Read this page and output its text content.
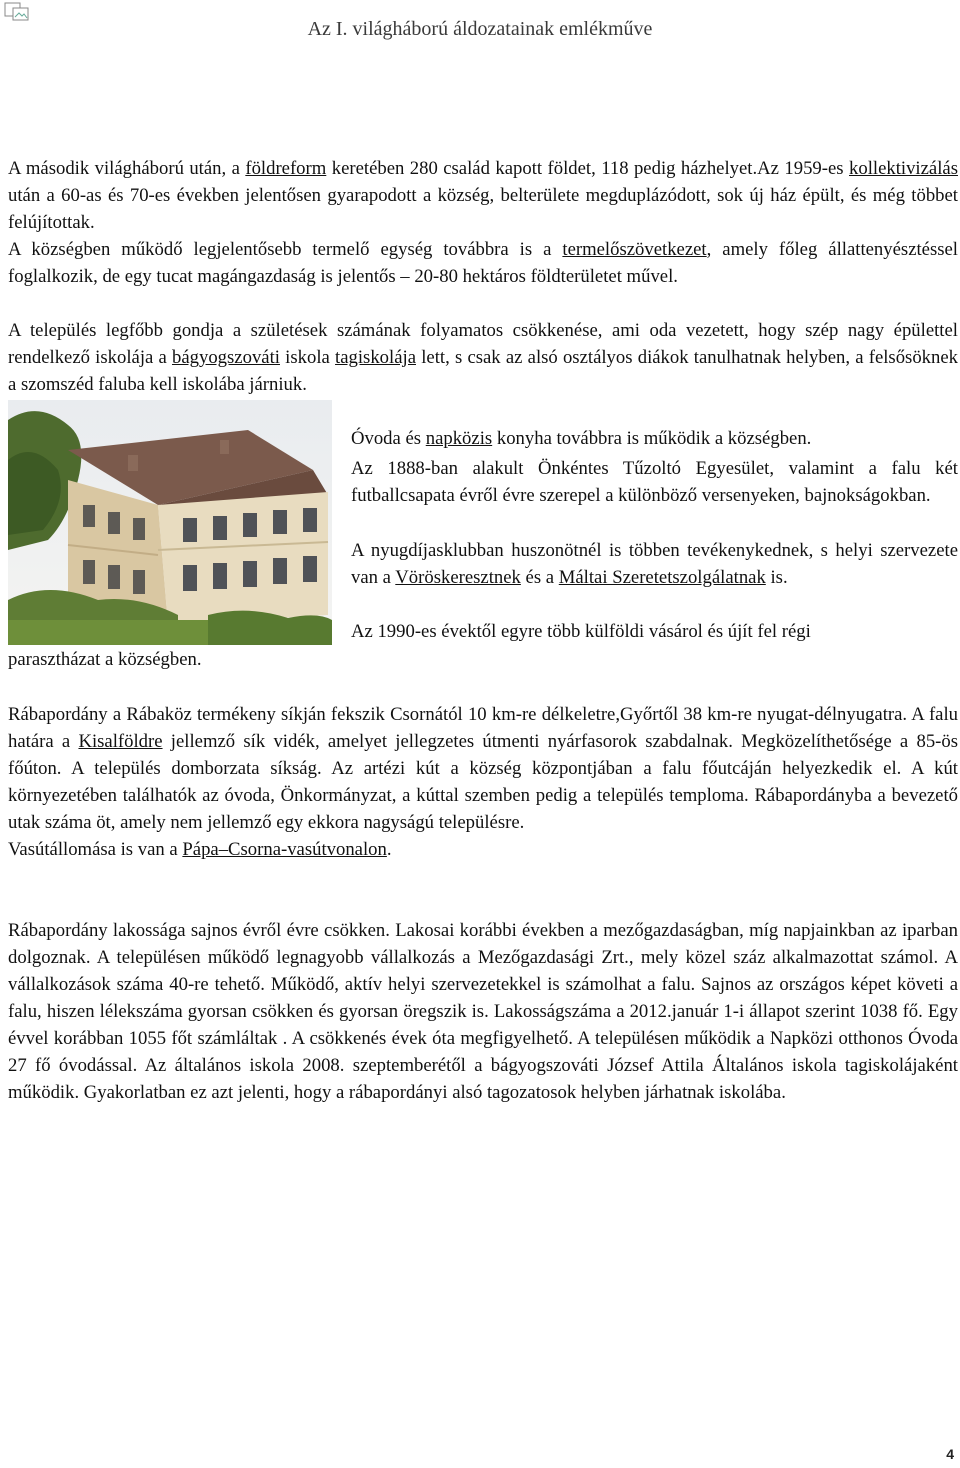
Az I. világháború áldozatainak emlékműve

A második világháború után, a földreform keretében 280 család kapott földet, 118 pedig házhelyet.Az 1959-es kollektivizálás után a 60-as és 70-es években jelentősen gyarapodott a község, belterülete megduplázódott, sok új ház épült, és még többet felújítottak.

A községben működő legjelentősebb termelő egység továbbra is a termelőszövetkezet, amely főleg állattenyésztéssel foglalkozik, de egy tucat magángazdaság is jelentős – 20-80 hektáros földterületet művel.

A település legfőbb gondja a születések számának folyamatos csökkenése, ami oda vezetett, hogy szép nagy épülettel rendelkező iskolája a bágyogszováti iskola tagiskolája lett, s csak az alsó osztályos diákok tanulhatnak helyben, a felsősöknek a szomszéd faluba kell iskolába járniuk.

Óvoda és napközis konyha továbbra is működik a községben.
Az 1888-ban alakult Önkéntes Tűzoltó Egyesület, valamint a falu két futballcsapata évről évre szerepel a különböző versenyeken, bajnokságokban.
A nyugdíjasklubban huszonötnél is többen tevékenykednek, s helyi szervezete van a Vöröskeresztnek és a Máltai Szeretetszolgálatnak is.
Az 1990-es évektől egyre több külföldi vásárol és újít fel régi
parasztházat a községben.

Rábapordány a Rábaköz termékeny síkján fekszik Csornától 10 km-re délkeletre,Győrtől 38 km-re nyugat-délnyugatra. A falu határa a Kisalföldre jellemző sík vidék, amelyet jellegzetes útmenti nyárfasorok szabdalnak. Megközelíthetősége a 85-ös főúton. A település domborzata síkság. Az artézi kút a község központjában a falu főutcáján helyezkedik el. A kút környezetében találhatók az óvoda, Önkormányzat, a kúttal szemben pedig a település temploma. Rábapordányba a bevezető utak száma öt, amely nem jellemző egy ekkora nagyságú településre.
Vasútállomása is van a Pápa–Csorna-vasútvonalon.

Rábapordány lakossága sajnos évről évre csökken. Lakosai korábbi években a mezőgazdaságban, míg napjainkban az iparban dolgoznak. A településen működő legnagyobb vállalkozás a Mezőgazdasági Zrt., mely közel száz alkalmazottat számol. A vállalkozások száma 40-re tehető. Működő, aktív helyi szervezetekkel is számolhat a falu. Sajnos az országos képet követi a falu, hiszen lélekszáma gyorsan csökken és gyorsan öregszik is. Lakosságszáma a 2012.január 1-i állapot szerint 1038 fő. Egy évvel korábban 1055 főt számláltak . A csökkenés évek óta megfigyelhető. A településen működik a Napközi otthonos Óvoda 27 fő óvodással. Az általános iskola 2008. szeptemberétől a bágyogszováti József Attila Általános iskola tagiskolájaként működik. Gyakorlatban ez azt jelenti, hogy a rábapordányi alsó tagozatosok helyben járhatnak iskolába.

4
